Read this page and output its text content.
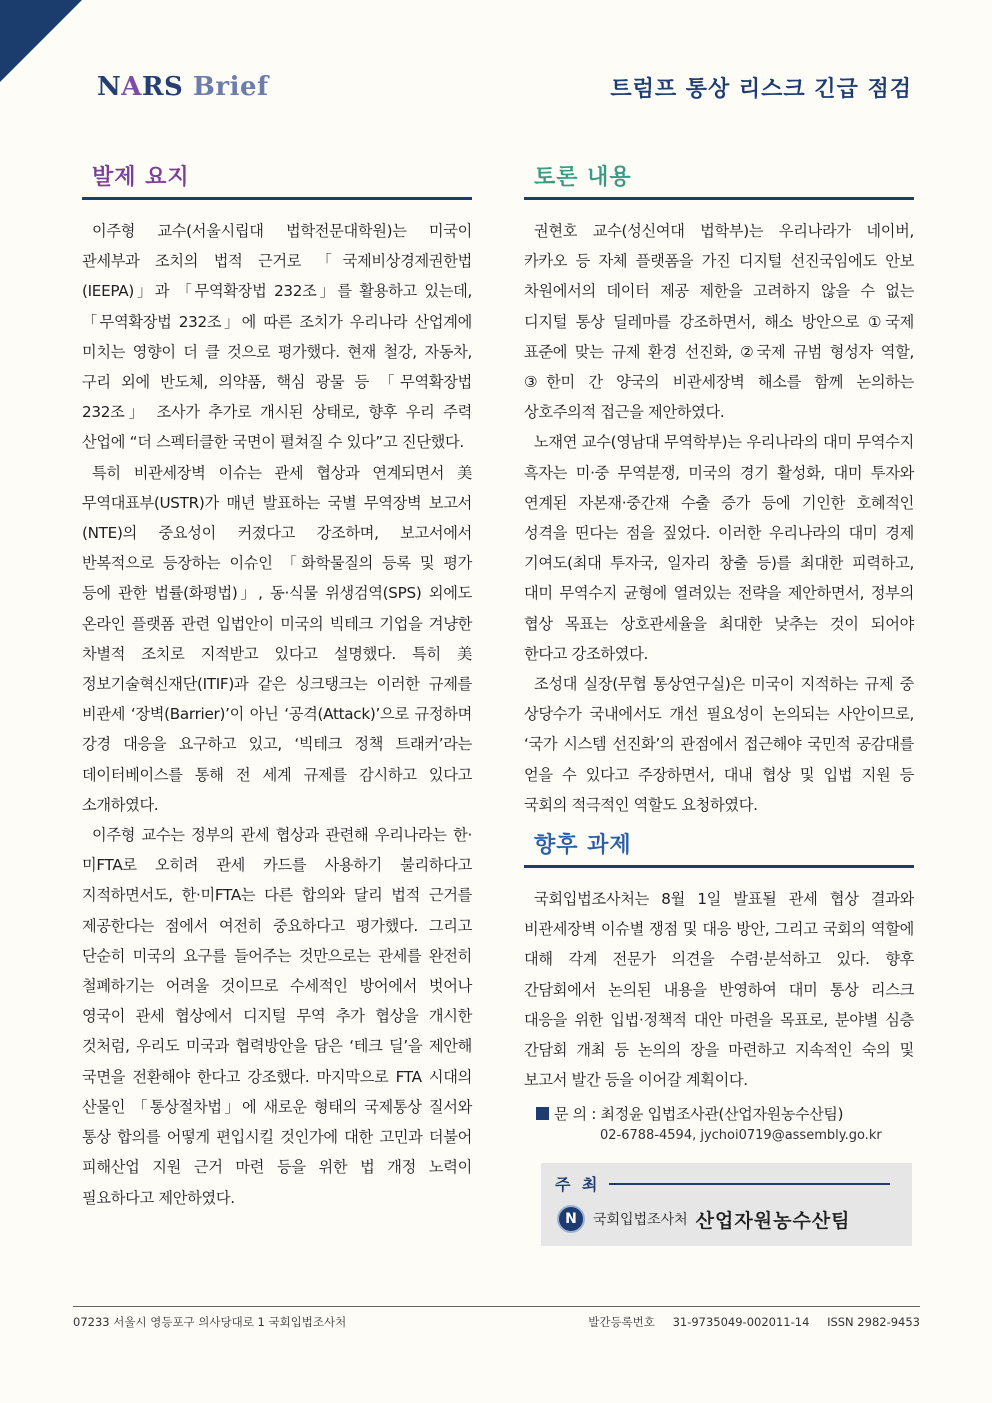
NARS Brief	트럼프 통상 리스크 긴급 점검
발제 요지

이주형 교수(서울시립대 법학전문대학원)는 미국이 관세부과 조치의 법적 근거로 「국제비상경제권한법(IEEPA)」과 「무역확장법 232조」를 활용하고 있는데, 「무역확장법 232조」에 따른 조치가 우리나라 산업계에 미치는 영향이 더 클 것으로 평가했다. 현재 철강, 자동차, 구리 외에 반도체, 의약품, 핵심 광물 등 「무역확장법 232조」 조사가 추가로 개시된 상태로, 향후 우리 주력 산업에 “더 스펙터클한 국면이 펼쳐질 수 있다”고 진단했다.

특히 비관세장벽 이슈는 관세 협상과 연계되면서 美 무역대표부(USTR)가 매년 발표하는 국별 무역장벽 보고서(NTE)의 중요성이 커졌다고 강조하며, 보고서에서 반복적으로 등장하는 이슈인 「화학물질의 등록 및 평가 등에 관한 법률(화평법)」, 동·식물 위생검역(SPS) 외에도 온라인 플랫폼 관련 입법안이 미국의 빅테크 기업을 겨냥한 차별적 조치로 지적받고 있다고 설명했다. 특히 美 정보기술혁신재단(ITIF)과 같은 싱크탱크는 이러한 규제를 비관세 ‘장벽(Barrier)’이 아닌 ‘공격(Attack)’으로 규정하며 강경 대응을 요구하고 있고, ‘빅테크 정책 트래커’라는 데이터베이스를 통해 전 세계 규제를 감시하고 있다고 소개하였다.

이주형 교수는 정부의 관세 협상과 관련해 우리나라는 한·미FTA로 오히려 관세 카드를 사용하기 불리하다고 지적하면서도, 한·미FTA는 다른 합의와 달리 법적 근거를 제공한다는 점에서 여전히 중요하다고 평가했다. 그리고 단순히 미국의 요구를 들어주는 것만으로는 관세를 완전히 철폐하기는 어려울 것이므로 수세적인 방어에서 벗어나 영국이 관세 협상에서 디지털 무역 추가 협상을 개시한 것처럼, 우리도 미국과 협력방안을 담은 ‘테크 딜’을 제안해 국면을 전환해야 한다고 강조했다. 마지막으로 FTA 시대의 산물인 「통상절차법」에 새로운 형태의 국제통상 질서와 통상 합의를 어떻게 편입시킬 것인가에 대한 고민과 더불어 피해산업 지원 근거 마련 등을 위한 법 개정 노력이 필요하다고 제안하였다.

토론 내용

권현호 교수(성신여대 법학부)는 우리나라가 네이버, 카카오 등 자체 플랫폼을 가진 디지털 선진국임에도 안보 차원에서의 데이터 제공 제한을 고려하지 않을 수 없는 디지털 통상 딜레마를 강조하면서, 해소 방안으로 ①국제 표준에 맞는 규제 환경 선진화, ②국제 규범 형성자 역할, ③한미 간 양국의 비관세장벽 해소를 함께 논의하는 상호주의적 접근을 제안하였다.

노재연 교수(영남대 무역학부)는 우리나라의 대미 무역수지 흑자는 미·중 무역분쟁, 미국의 경기 활성화, 대미 투자와 연계된 자본재·중간재 수출 증가 등에 기인한 호혜적인 성격을 띤다는 점을 짚었다. 이러한 우리나라의 대미 경제 기여도(최대 투자국, 일자리 창출 등)를 최대한 피력하고, 대미 무역수지 균형에 열려있는 전략을 제안하면서, 정부의 협상 목표는 상호관세율을 최대한 낮추는 것이 되어야 한다고 강조하였다.

조성대 실장(무협 통상연구실)은 미국이 지적하는 규제 중 상당수가 국내에서도 개선 필요성이 논의되는 사안이므로, ‘국가 시스템 선진화’의 관점에서 접근해야 국민적 공감대를 얻을 수 있다고 주장하면서, 대내 협상 및 입법 지원 등 국회의 적극적인 역할도 요청하였다.

향후 과제

국회입법조사처는 8월 1일 발표될 관세 협상 결과와 비관세장벽 이슈별 쟁점 및 대응 방안, 그리고 국회의 역할에 대해 각계 전문가 의견을 수렴·분석하고 있다. 향후 간담회에서 논의된 내용을 반영하여 대미 통상 리스크 대응을 위한 입법·정책적 대안 마련을 목표로, 분야별 심층 간담회 개최 등 논의의 장을 마련하고 지속적인 숙의 및 보고서 발간 등을 이어갈 계획이다.

문 의 : 최정윤 입법조사관(산업자원농수산팀)
02-6788-4594, jychoi0719@assembly.go.kr
주 최
N	국회입법조사처 산업자원농수산팀
07233 서울시 영등포구 의사당대로 1 국회입법조사처	발간등록번호 31-9735049-002011-14 ISSN 2982-9453
